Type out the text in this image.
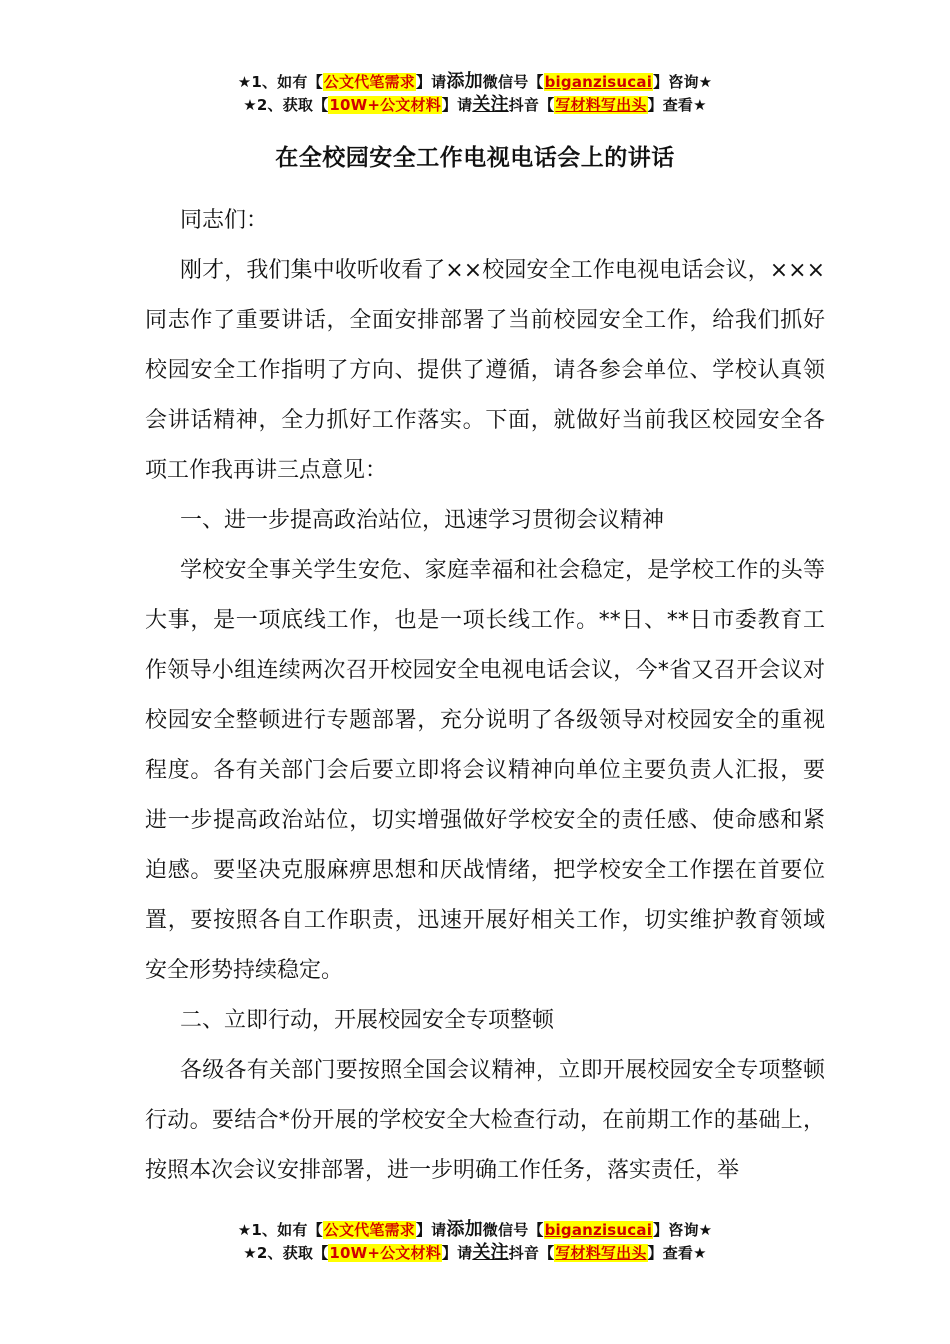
★1、如有【公文代笔需求】请添加微信号【biganzisucai】咨询★
★2、获取【10W+公文材料】请关注抖音【写材料写出头】查看★
在全校园安全工作电视电话会上的讲话

同志们：

刚才，我们集中收听收看了××校园安全工作电视电话会议，×××同志作了重要讲话，全面安排部署了当前校园安全工作，给我们抓好校园安全工作指明了方向、提供了遵循，请各参会单位、学校认真领会讲话精神，全力抓好工作落实。下面，就做好当前我区校园安全各项工作我再讲三点意见：

一、进一步提高政治站位，迅速学习贯彻会议精神

学校安全事关学生安危、家庭幸福和社会稳定，是学校工作的头等大事，是一项底线工作，也是一项长线工作。**日、**日市委教育工作领导小组连续两次召开校园安全电视电话会议，今*省又召开会议对校园安全整顿进行专题部署，充分说明了各级领导对校园安全的重视程度。各有关部门会后要立即将会议精神向单位主要负责人汇报，要进一步提高政治站位，切实增强做好学校安全的责任感、使命感和紧迫感。要坚决克服麻痹思想和厌战情绪，把学校安全工作摆在首要位置，要按照各自工作职责，迅速开展好相关工作，切实维护教育领域安全形势持续稳定。

二、立即行动，开展校园安全专项整顿

各级各有关部门要按照全国会议精神，立即开展校园安全专项整顿行动。要结合*份开展的学校安全大检查行动，在前期工作的基础上，按照本次会议安排部署，进一步明确工作任务，落实责任，举

★1、如有【公文代笔需求】请添加微信号【biganzisucai】咨询★
★2、获取【10W+公文材料】请关注抖音【写材料写出头】查看★
